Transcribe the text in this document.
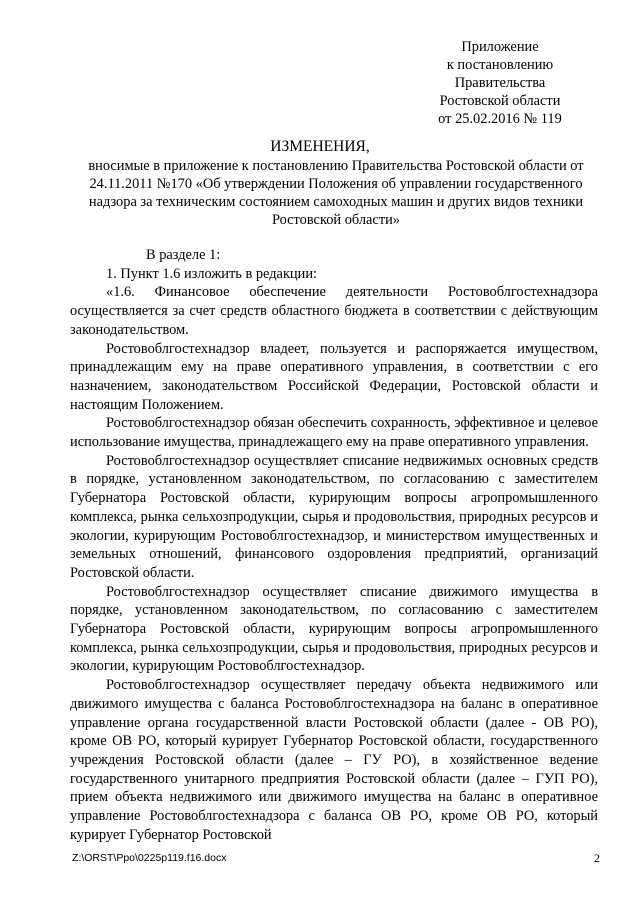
Приложение
к постановлению
Правительства
Ростовской области
от 25.02.2016 № 119
ИЗМЕНЕНИЯ,
вносимые в приложение к постановлению Правительства Ростовской области от 24.11.2011 №170 «Об утверждении Положения об управлении государственного надзора за техническим состоянием самоходных машин и других видов техники Ростовской области»

В разделе 1:

1. Пункт 1.6 изложить в редакции:

«1.6. Финансовое обеспечение деятельности Ростовоблгостехнадзора осуществляется за счет средств областного бюджета в соответствии с действующим законодательством.

Ростовоблгостехнадзор владеет, пользуется и распоряжается имуществом, принадлежащим ему на праве оперативного управления, в соответствии с его назначением, законодательством Российской Федерации, Ростовской области и настоящим Положением.

Ростовоблгостехнадзор обязан обеспечить сохранность, эффективное и целевое использование имущества, принадлежащего ему на праве оперативного управления.

Ростовоблгостехнадзор осуществляет списание недвижимых основных средств в порядке, установленном законодательством, по согласованию с заместителем Губернатора Ростовской области, курирующим вопросы агропромышленного комплекса, рынка сельхозпродукции, сырья и продовольствия, природных ресурсов и экологии, курирующим Ростовоблгостехнадзор, и министерством имущественных и земельных отношений, финансового оздоровления предприятий, организаций Ростовской области.

Ростовоблгостехнадзор осуществляет списание движимого имущества в порядке, установленном законодательством, по согласованию с заместителем Губернатора Ростовской области, курирующим вопросы агропромышленного комплекса, рынка сельхозпродукции, сырья и продовольствия, природных ресурсов и экологии, курирующим Ростовоблгостехнадзор.

Ростовоблгостехнадзор осуществляет передачу объекта недвижимого или движимого имущества с баланса Ростовоблгостехнадзора на баланс в оперативное управление органа государственной власти Ростовской области (далее - ОВ РО), кроме ОВ РО, который курирует Губернатор Ростовской области, государственного учреждения Ростовской области (далее – ГУ РО), в хозяйственное ведение государственного унитарного предприятия Ростовской области (далее – ГУП РО), прием объекта недвижимого или движимого имущества на баланс в оперативное управление Ростовоблгостехнадзора с баланса ОВ РО, кроме ОВ РО, который курирует Губернатор Ростовской

Z:\ORST\Ppo\0225p119.f16.docx	2
